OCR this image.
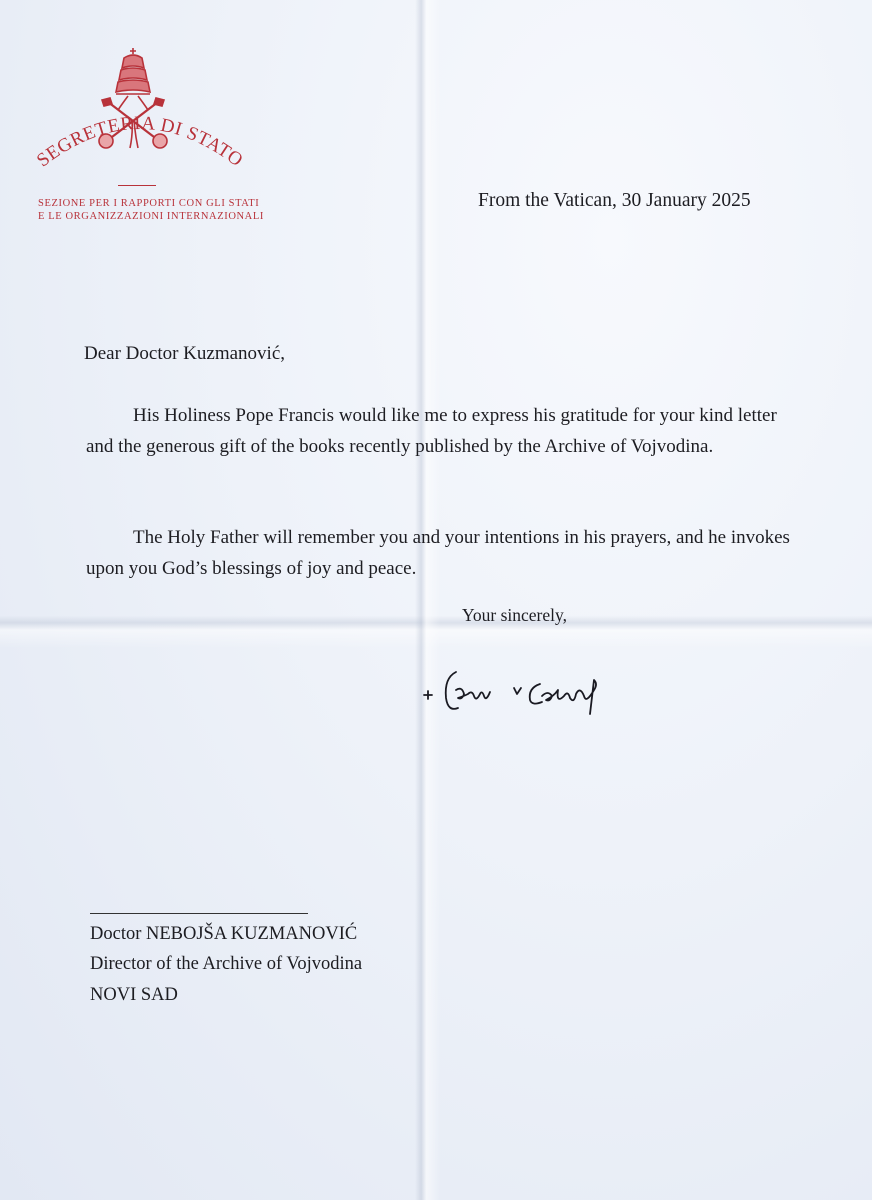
SEGRETERIA DI STATO
SEZIONE PER I RAPPORTI CON GLI STATI
E LE ORGANIZZAZIONI INTERNAZIONALI
From the Vatican, 30 January 2025
Dear Doctor Kuzmanović,

His Holiness Pope Francis would like me to express his gratitude for your kind letter and the generous gift of the books recently published by the Archive of Vojvodina.

The Holy Father will remember you and your intentions in his prayers, and he invokes upon you God’s blessings of joy and peace.

Your sincerely,
Doctor NEBOJŠA KUZMANOVIĆ
Director of the Archive of Vojvodina
NOVI SAD
